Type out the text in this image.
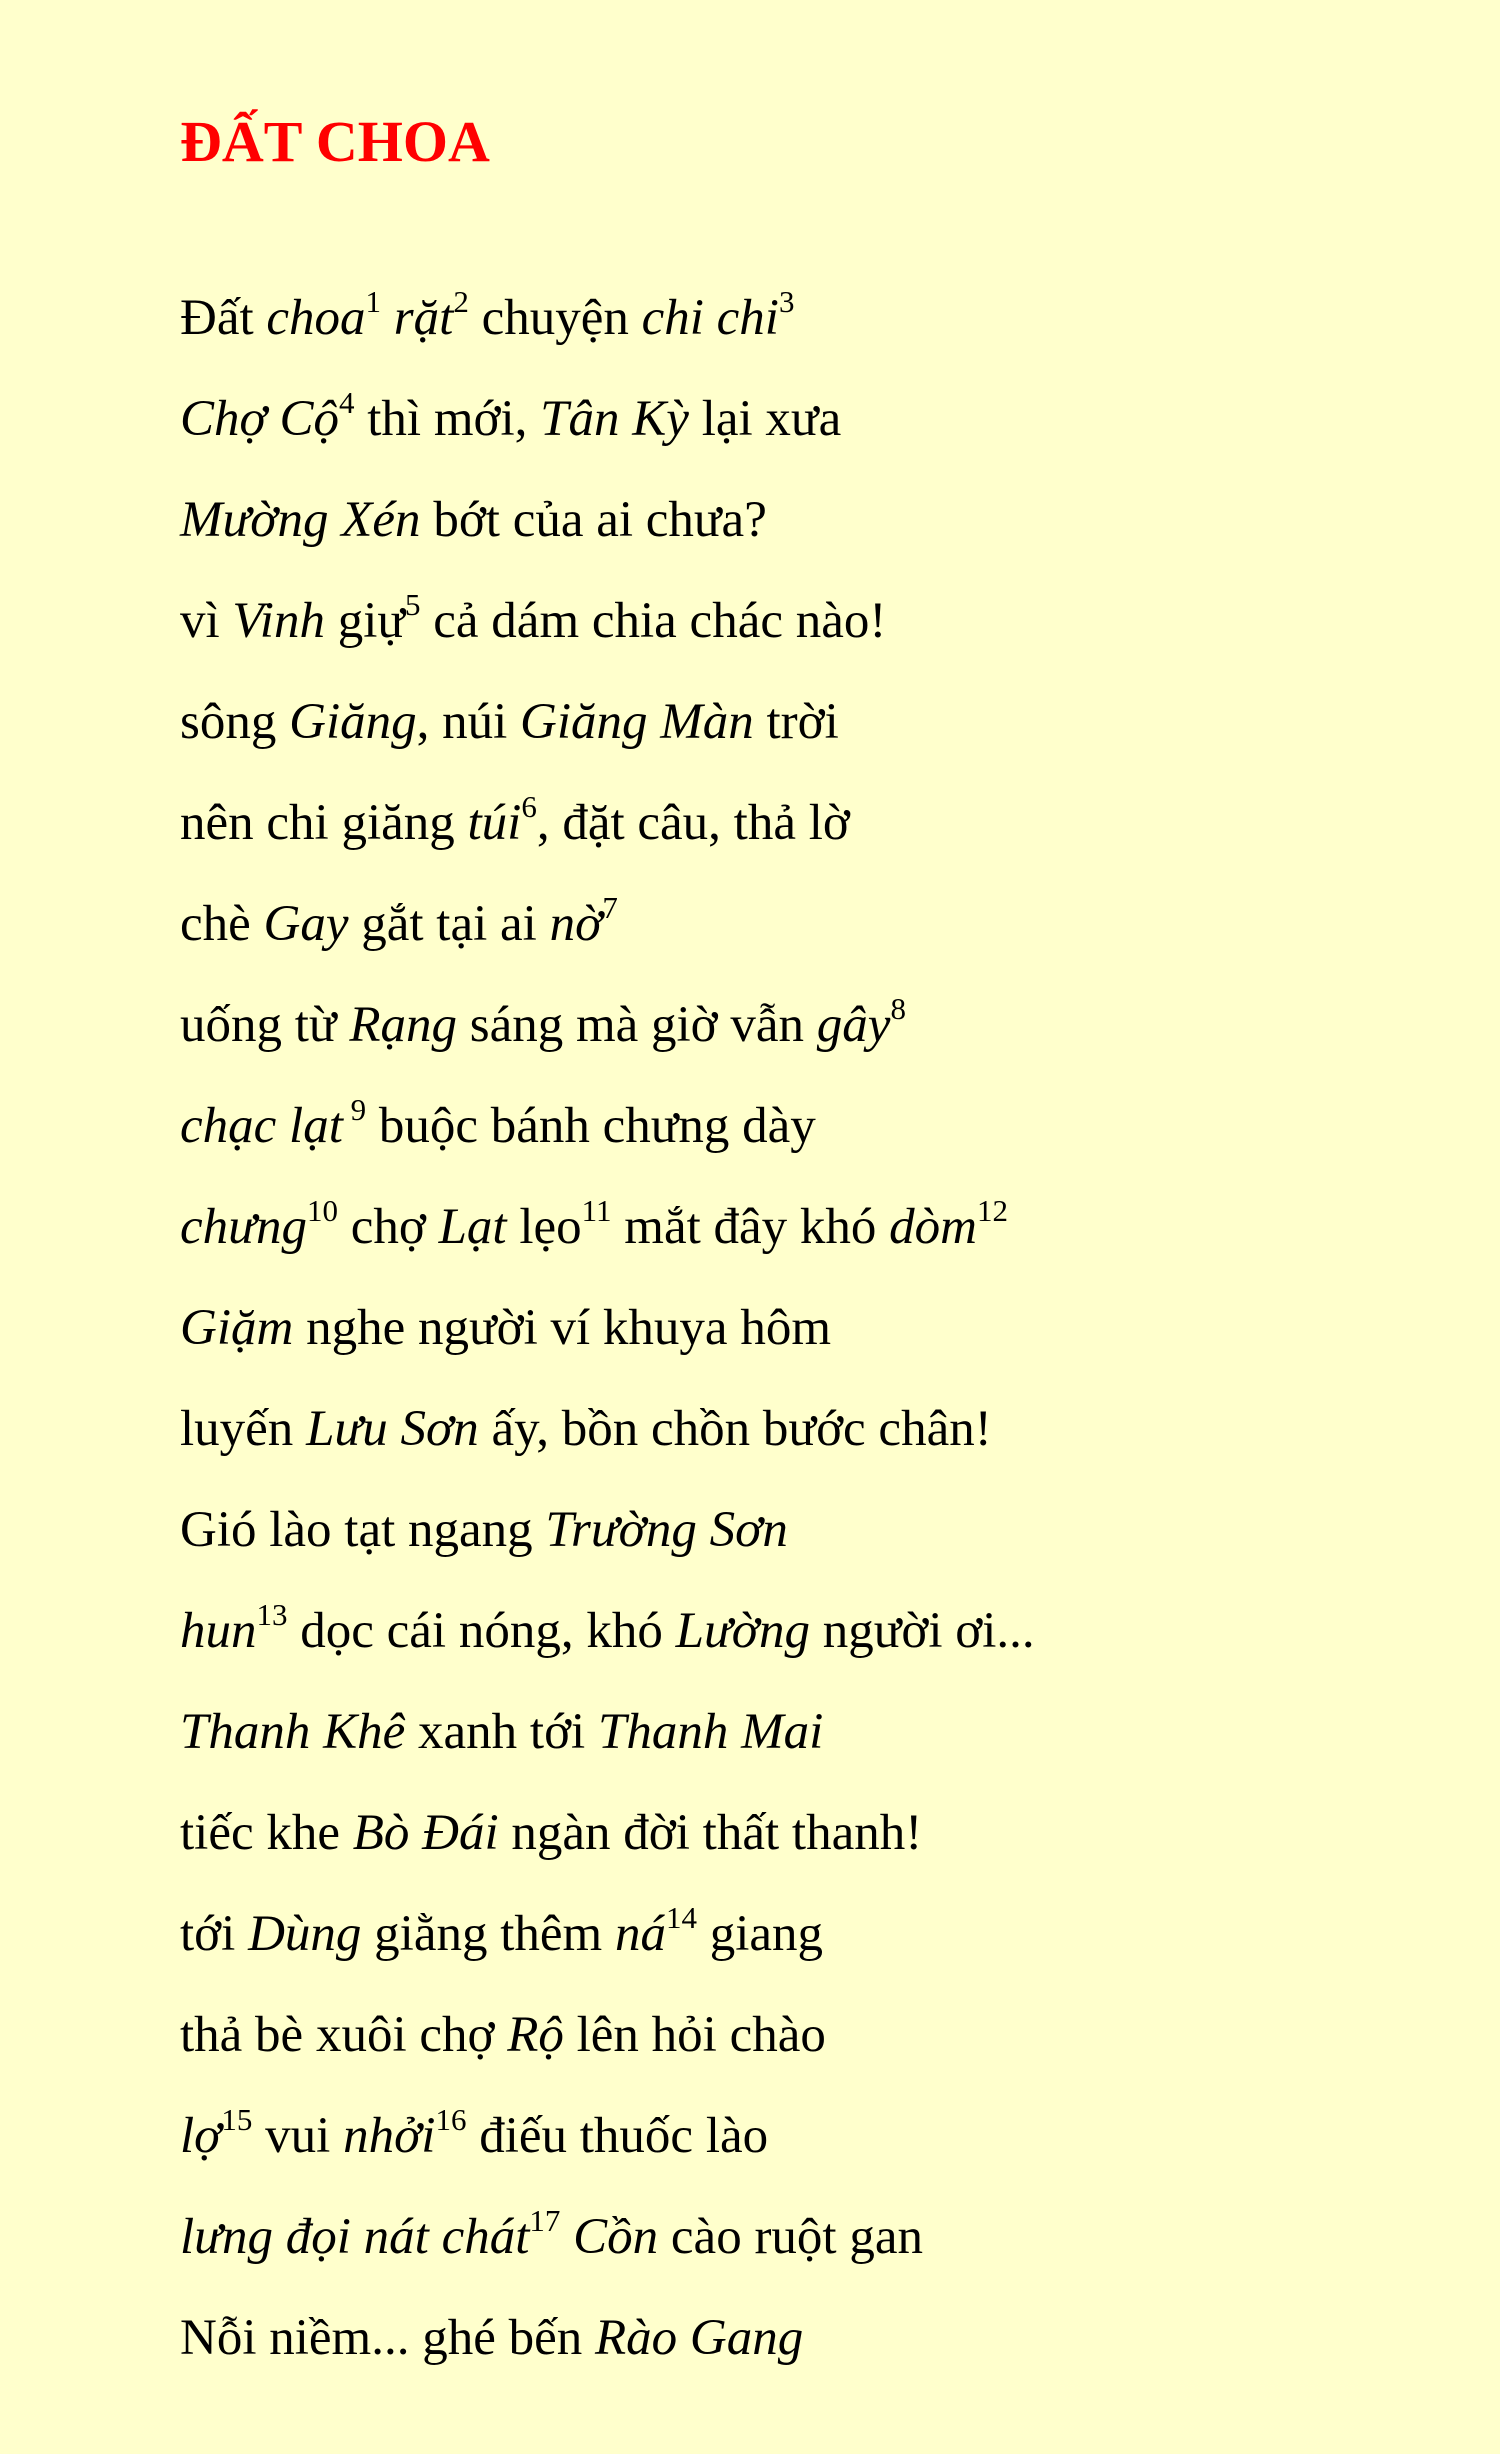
ĐẤT CHOA
Đất choa$^1$ rặt$^2$ chuyện chi chi$^3$
Chợ Cộ$^4$ thì mới, Tân Kỳ lại xưa
Mường Xén bớt của ai chưa?
vì Vinh giự$^5$ cả dám chia chác nào!
sông Giăng, núi Giăng Màn trời
nên chi giăng túi$^6$, đặt câu, thả lờ
chè Gay gắt tại ai nờ$^7$
uống từ Rạng sáng mà giờ vẫn gây$^8$
chạc lạt $^9$ buộc bánh chưng dày
chưng$^{10}$ chợ Lạt lẹo$^{11}$ mắt đây khó dòm$^{12}$
Giặm nghe người ví khuya hôm
luyến Lưu Sơn ấy, bồn chồn bước chân!
Gió lào tạt ngang Trường Sơn
hun$^{13}$ dọc cái nóng, khó Lường người ơi...
Thanh Khê xanh tới Thanh Mai
tiếc khe Bò Đái ngàn đời thất thanh!
tới Dùng giằng thêm $ná^{14}$ giang
thả bè xuôi chợ Rộ lên hỏi chào
lợ$^{15}$ vui nhởi$^{16}$ điếu thuốc lào
lưng đọi nát chát$^{17}$ Cồn cào ruột gan
Nỗi niềm... ghé bến Rào Gang
